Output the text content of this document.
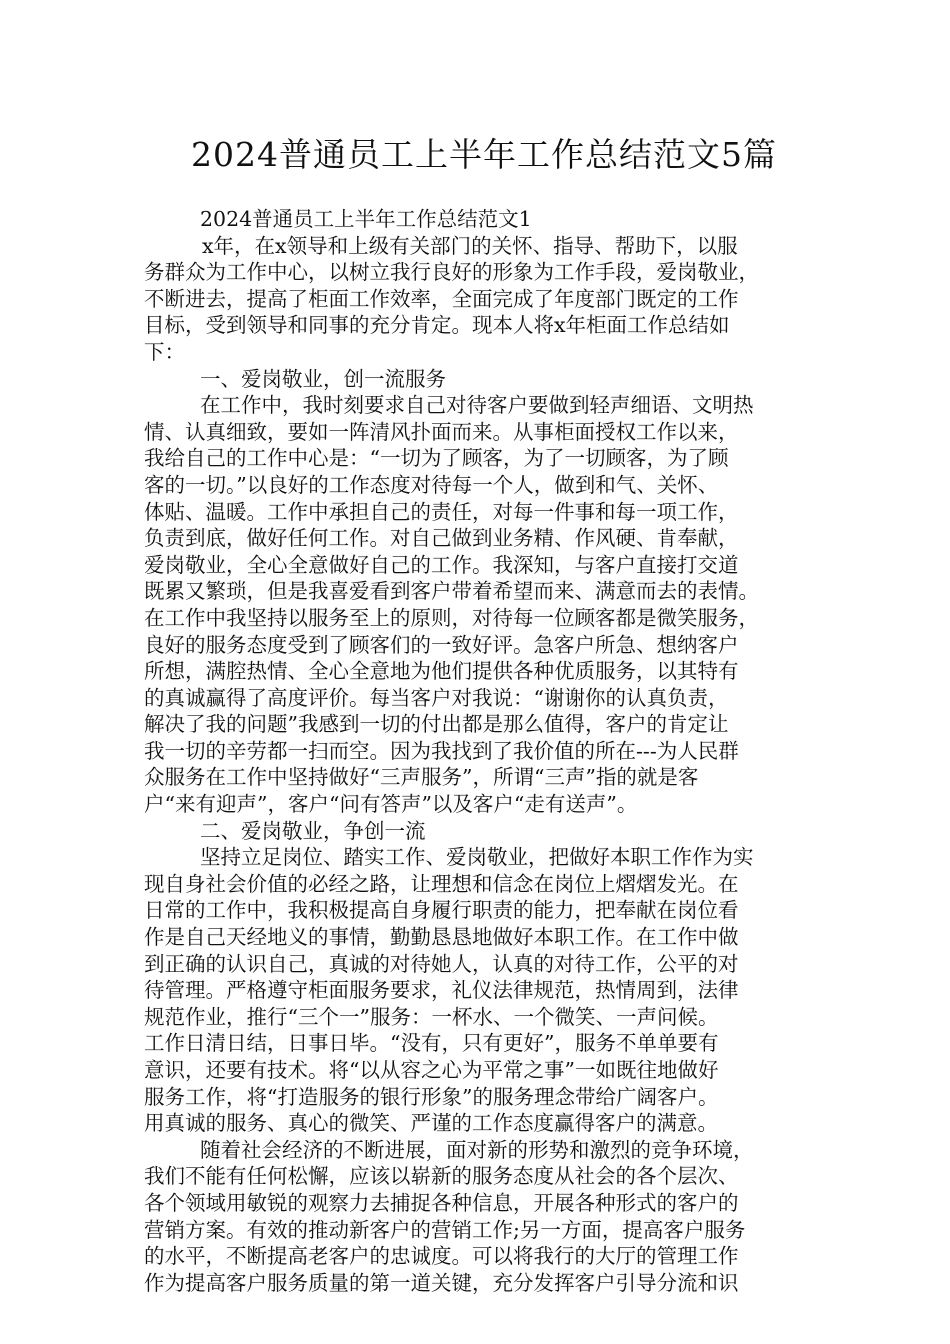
2024普通员工上半年工作总结范文5篇
2024普通员工上半年工作总结范文1
x年，在x领导和上级有关部门的关怀、指导、帮助下，以服
务群众为工作中心，以树立我行良好的形象为工作手段，爱岗敬业，
不断进去，提高了柜面工作效率，全面完成了年度部门既定的工作
目标，受到领导和同事的充分肯定。现本人将x年柜面工作总结如
下：
一、爱岗敬业，创一流服务
在工作中，我时刻要求自己对待客户要做到轻声细语、文明热
情、认真细致，要如一阵清风扑面而来。从事柜面授权工作以来，
我给自己的工作中心是：“一切为了顾客，为了一切顾客，为了顾
客的一切。”以良好的工作态度对待每一个人，做到和气、关怀、
体贴、温暖。工作中承担自己的责任，对每一件事和每一项工作，
负责到底，做好任何工作。对自己做到业务精、作风硬、肯奉献，
爱岗敬业，全心全意做好自己的工作。我深知，与客户直接打交道
既累又繁琐，但是我喜爱看到客户带着希望而来、满意而去的表情。
在工作中我坚持以服务至上的原则，对待每一位顾客都是微笑服务，
良好的服务态度受到了顾客们的一致好评。急客户所急、想纳客户
所想，满腔热情、全心全意地为他们提供各种优质服务，以其特有
的真诚赢得了高度评价。每当客户对我说：“谢谢你的认真负责，
解决了我的问题”我感到一切的付出都是那么值得，客户的肯定让
我一切的辛劳都一扫而空。因为我找到了我价值的所在---为人民群
众服务在工作中坚持做好“三声服务”，所谓“三声”指的就是客
户“来有迎声”，客户“问有答声”以及客户“走有送声”。
二、爱岗敬业，争创一流
坚持立足岗位、踏实工作、爱岗敬业，把做好本职工作作为实
现自身社会价值的必经之路，让理想和信念在岗位上熠熠发光。在
日常的工作中，我积极提高自身履行职责的能力，把奉献在岗位看
作是自己天经地义的事情，勤勤恳恳地做好本职工作。在工作中做
到正确的认识自己，真诚的对待她人，认真的对待工作，公平的对
待管理。严格遵守柜面服务要求，礼仪法律规范，热情周到，法律
规范作业，推行“三个一”服务：一杯水、一个微笑、一声问候。
工作日清日结，日事日毕。“没有，只有更好”，服务不单单要有
意识，还要有技术。将“以从容之心为平常之事”一如既往地做好
服务工作，将“打造服务的银行形象”的服务理念带给广阔客户。
用真诚的服务、真心的微笑、严谨的工作态度赢得客户的满意。
随着社会经济的不断进展，面对新的形势和激烈的竞争环境，
我们不能有任何松懈，应该以崭新的服务态度从社会的各个层次、
各个领域用敏锐的观察力去捕捉各种信息，开展各种形式的客户的
营销方案。有效的推动新客户的营销工作;另一方面，提高客户服务
的水平，不断提高老客户的忠诚度。可以将我行的大厅的管理工作
作为提高客户服务质量的第一道关键，充分发挥客户引导分流和识
